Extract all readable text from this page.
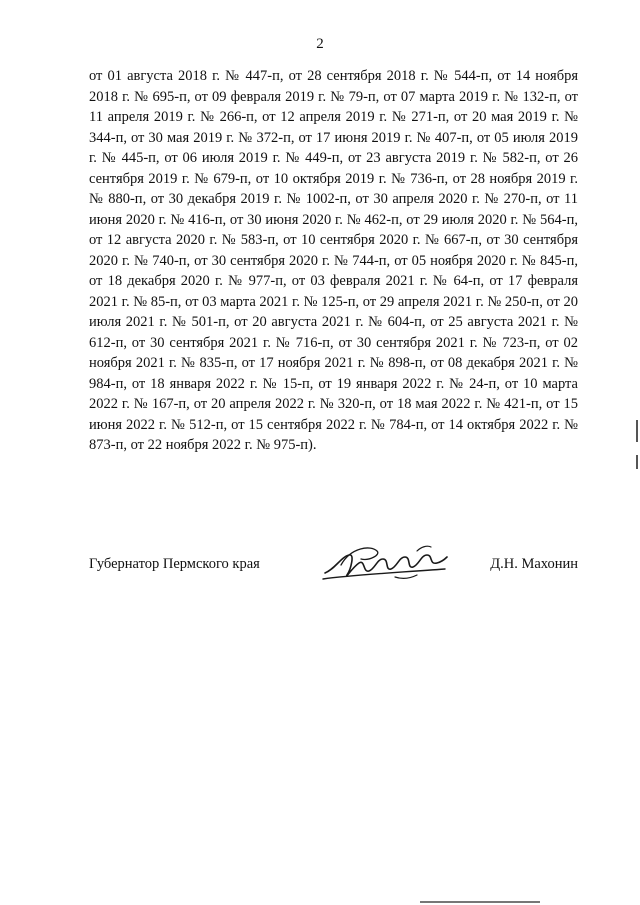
2

от 01 августа 2018 г. № 447-п, от 28 сентября 2018 г. № 544-п, от 14 ноября 2018 г. № 695-п, от 09 февраля 2019 г. № 79-п, от 07 марта 2019 г. № 132-п, от 11 апреля 2019 г. № 266-п, от 12 апреля 2019 г. № 271-п, от 20 мая 2019 г. № 344-п, от 30 мая 2019 г. № 372-п, от 17 июня 2019 г. № 407-п, от 05 июля 2019 г. № 445-п, от 06 июля 2019 г. № 449-п, от 23 августа 2019 г. № 582-п, от 26 сентября 2019 г. № 679-п, от 10 октября 2019 г. № 736-п, от 28 ноября 2019 г. № 880-п, от 30 декабря 2019 г. № 1002-п, от 30 апреля 2020 г. № 270-п, от 11 июня 2020 г. № 416-п, от 30 июня 2020 г. № 462-п, от 29 июля 2020 г. № 564-п, от 12 августа 2020 г. № 583-п, от 10 сентября 2020 г. № 667-п, от 30 сентября 2020 г. № 740-п, от 30 сентября 2020 г. № 744-п, от 05 ноября 2020 г. № 845-п, от 18 декабря 2020 г. № 977-п, от 03 февраля 2021 г. № 64-п, от 17 февраля 2021 г. № 85-п, от 03 марта 2021 г. № 125-п, от 29 апреля 2021 г. № 250-п, от 20 июля 2021 г. № 501-п, от 20 августа 2021 г. № 604-п, от 25 августа 2021 г. № 612-п, от 30 сентября 2021 г. № 716-п, от 30 сентября 2021 г. № 723-п, от 02 ноября 2021 г. № 835-п, от 17 ноября 2021 г. № 898-п, от 08 декабря 2021 г. № 984-п, от 18 января 2022 г. № 15-п, от 19 января 2022 г. № 24-п, от 10 марта 2022 г. № 167-п, от 20 апреля 2022 г. № 320-п, от 18 мая 2022 г. № 421-п, от 15 июня 2022 г. № 512-п, от 15 сентября 2022 г. № 784-п, от 14 октября 2022 г. № 873-п, от 22 ноября 2022 г. № 975-п).

Губернатор Пермского края	Д.Н. Махонин
